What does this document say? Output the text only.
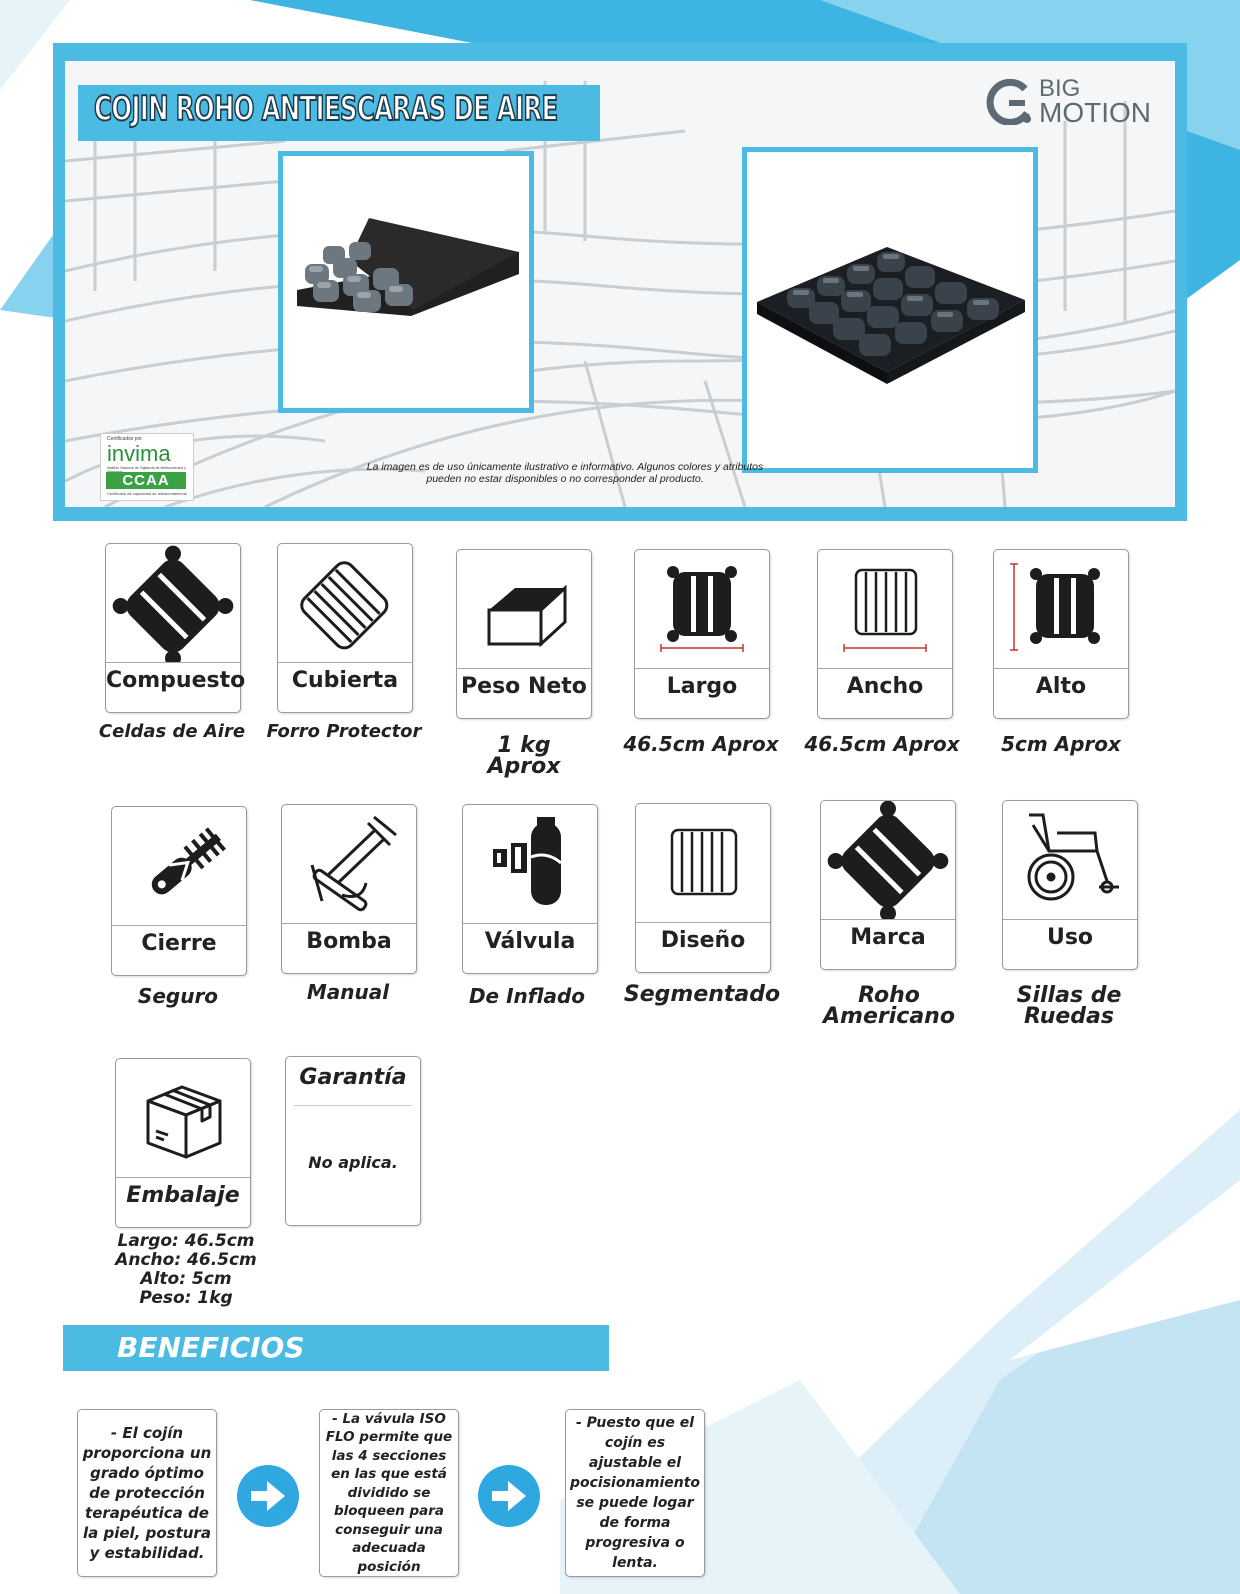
COJIN ROHO ANTIESCARAS DE AIRE
BIG
MOTION
La imagen es de uso únicamente ilustrativo e informativo. Algunos colores y atributos pueden no estar disponibles o no corresponder al producto.
Certificados por
invima
Instituto Nacional de Vigilancia de Medicamentos y
CCAA
Certificado de capacidad de almacenamiento
Compuesto
Celdas de Aire
Cubierta
Forro Protector
Peso Neto
1 kg Aprox
Largo
46.5cm Aprox
Ancho
46.5cm Aprox
Alto
5cm Aprox
Cierre
Seguro
Bomba
Manual
Válvula
De Inflado
Diseño
Segmentado
Marca
Roho Americano
Uso
Sillas de Ruedas
Embalaje
Largo: 46.5cm
Ancho: 46.5cm
Alto: 5cm
Peso: 1kg
Garantía
No aplica.
BENEFICIOS
- El cojín proporciona un grado óptimo de protección terapéutica de la piel, postura y estabilidad.
- La vávula ISO FLO permite que las 4 secciones en las que está dividido se bloqueen para conseguir una adecuada posición
- Puesto que el cojín es ajustable el pocisionamiento se puede logar de forma progresiva o lenta.
